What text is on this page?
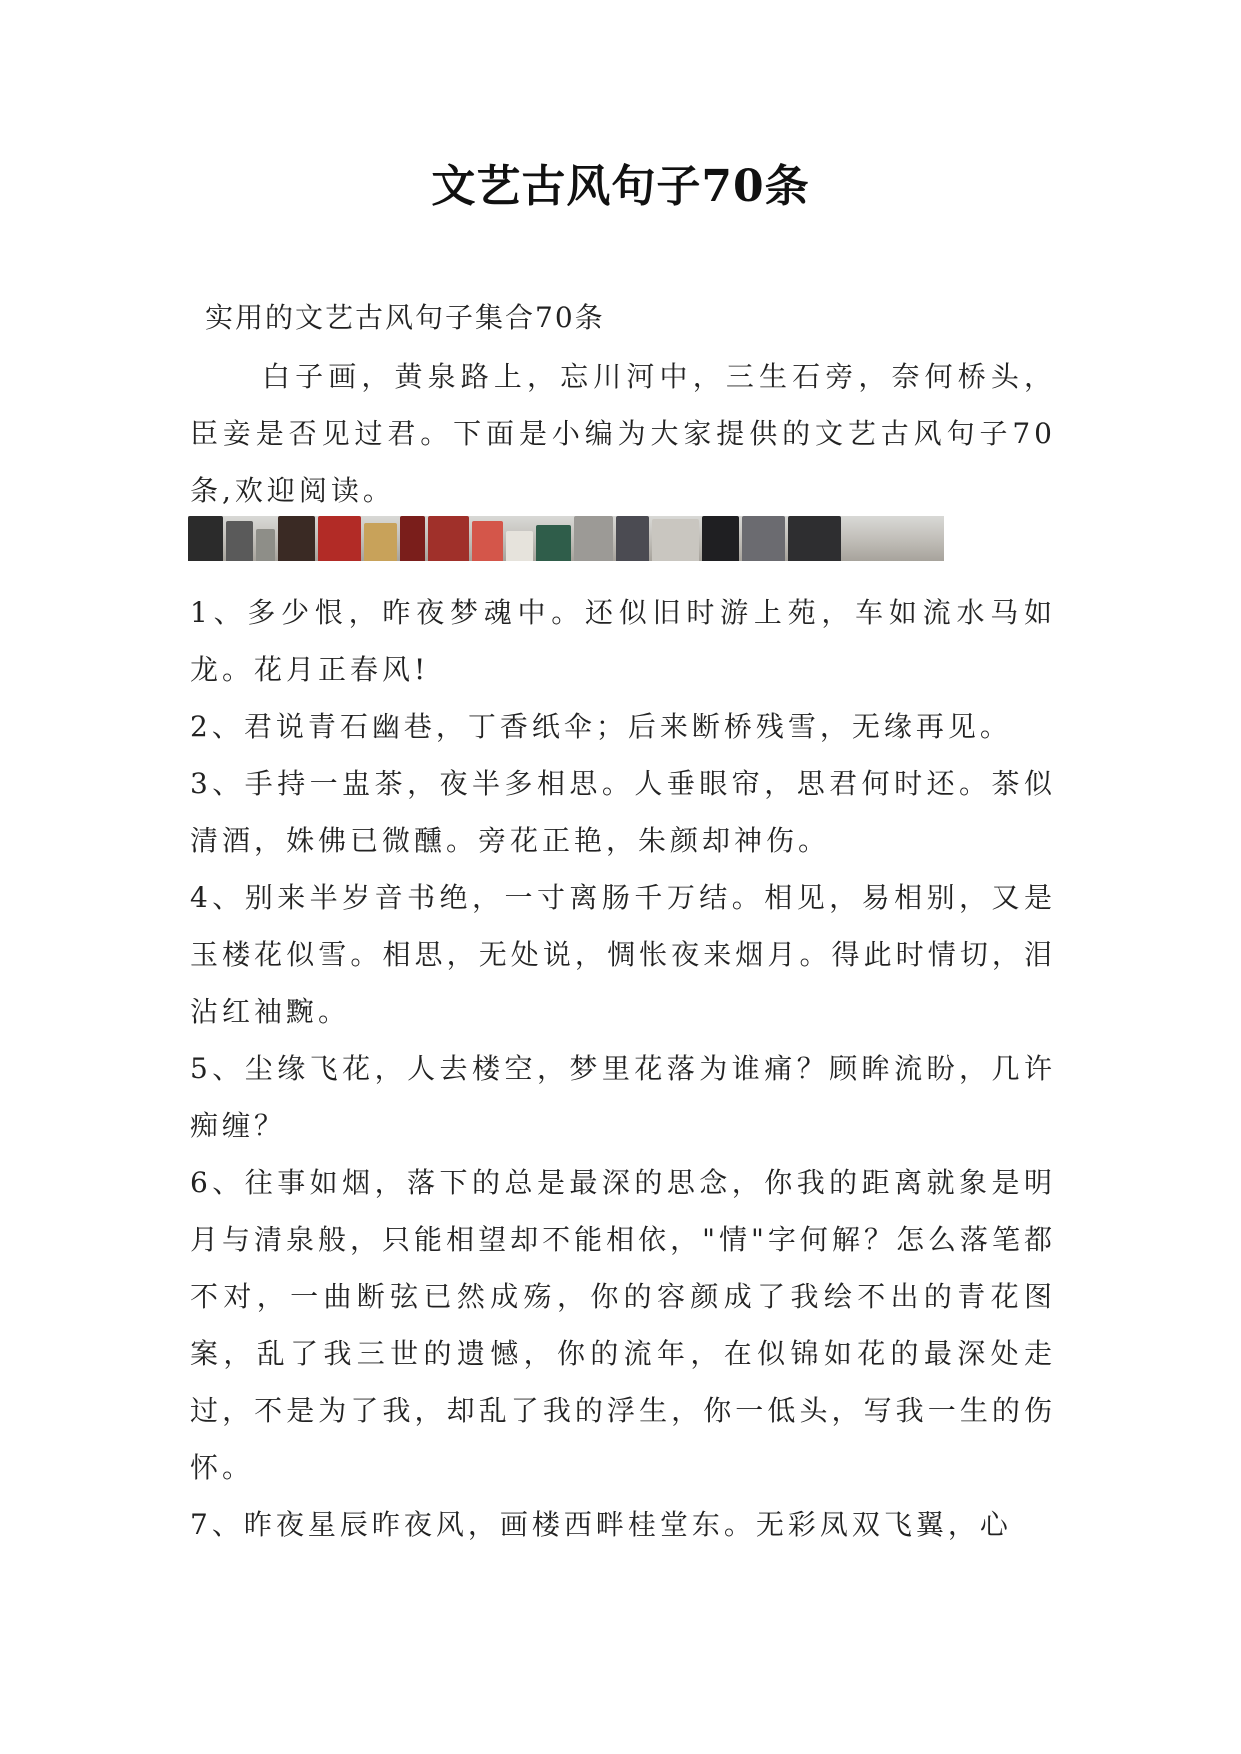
文艺古风句子70条
实用的文艺古风句子集合70条
白子画，黄泉路上，忘川河中，三生石旁，奈何桥头，臣妾是否见过君。下面是小编为大家提供的文艺古风句子70条,欢迎阅读。

1、多少恨，昨夜梦魂中。还似旧时游上苑，车如流水马如龙。花月正春风!

2、君说青石幽巷，丁香纸伞；后来断桥残雪，无缘再见。

3、手持一盅茶，夜半多相思。人垂眼帘，思君何时还。茶似清酒，姝佛已微醺。旁花正艳，朱颜却神伤。

4、别来半岁音书绝，一寸离肠千万结。相见，易相别，又是玉楼花似雪。相思，无处说，惆怅夜来烟月。得此时情切，泪沾红袖黦。

5、尘缘飞花，人去楼空，梦里花落为谁痛？顾眸流盼，几许痴缠？

6、往事如烟，落下的总是最深的思念，你我的距离就象是明月与清泉般，只能相望却不能相依，"情"字何解？怎么落笔都不对，一曲断弦已然成殇，你的容颜成了我绘不出的青花图案，乱了我三世的遗憾，你的流年，在似锦如花的最深处走过，不是为了我，却乱了我的浮生，你一低头，写我一生的伤怀。

7、昨夜星辰昨夜风，画楼西畔桂堂东。无彩凤双飞翼，心
